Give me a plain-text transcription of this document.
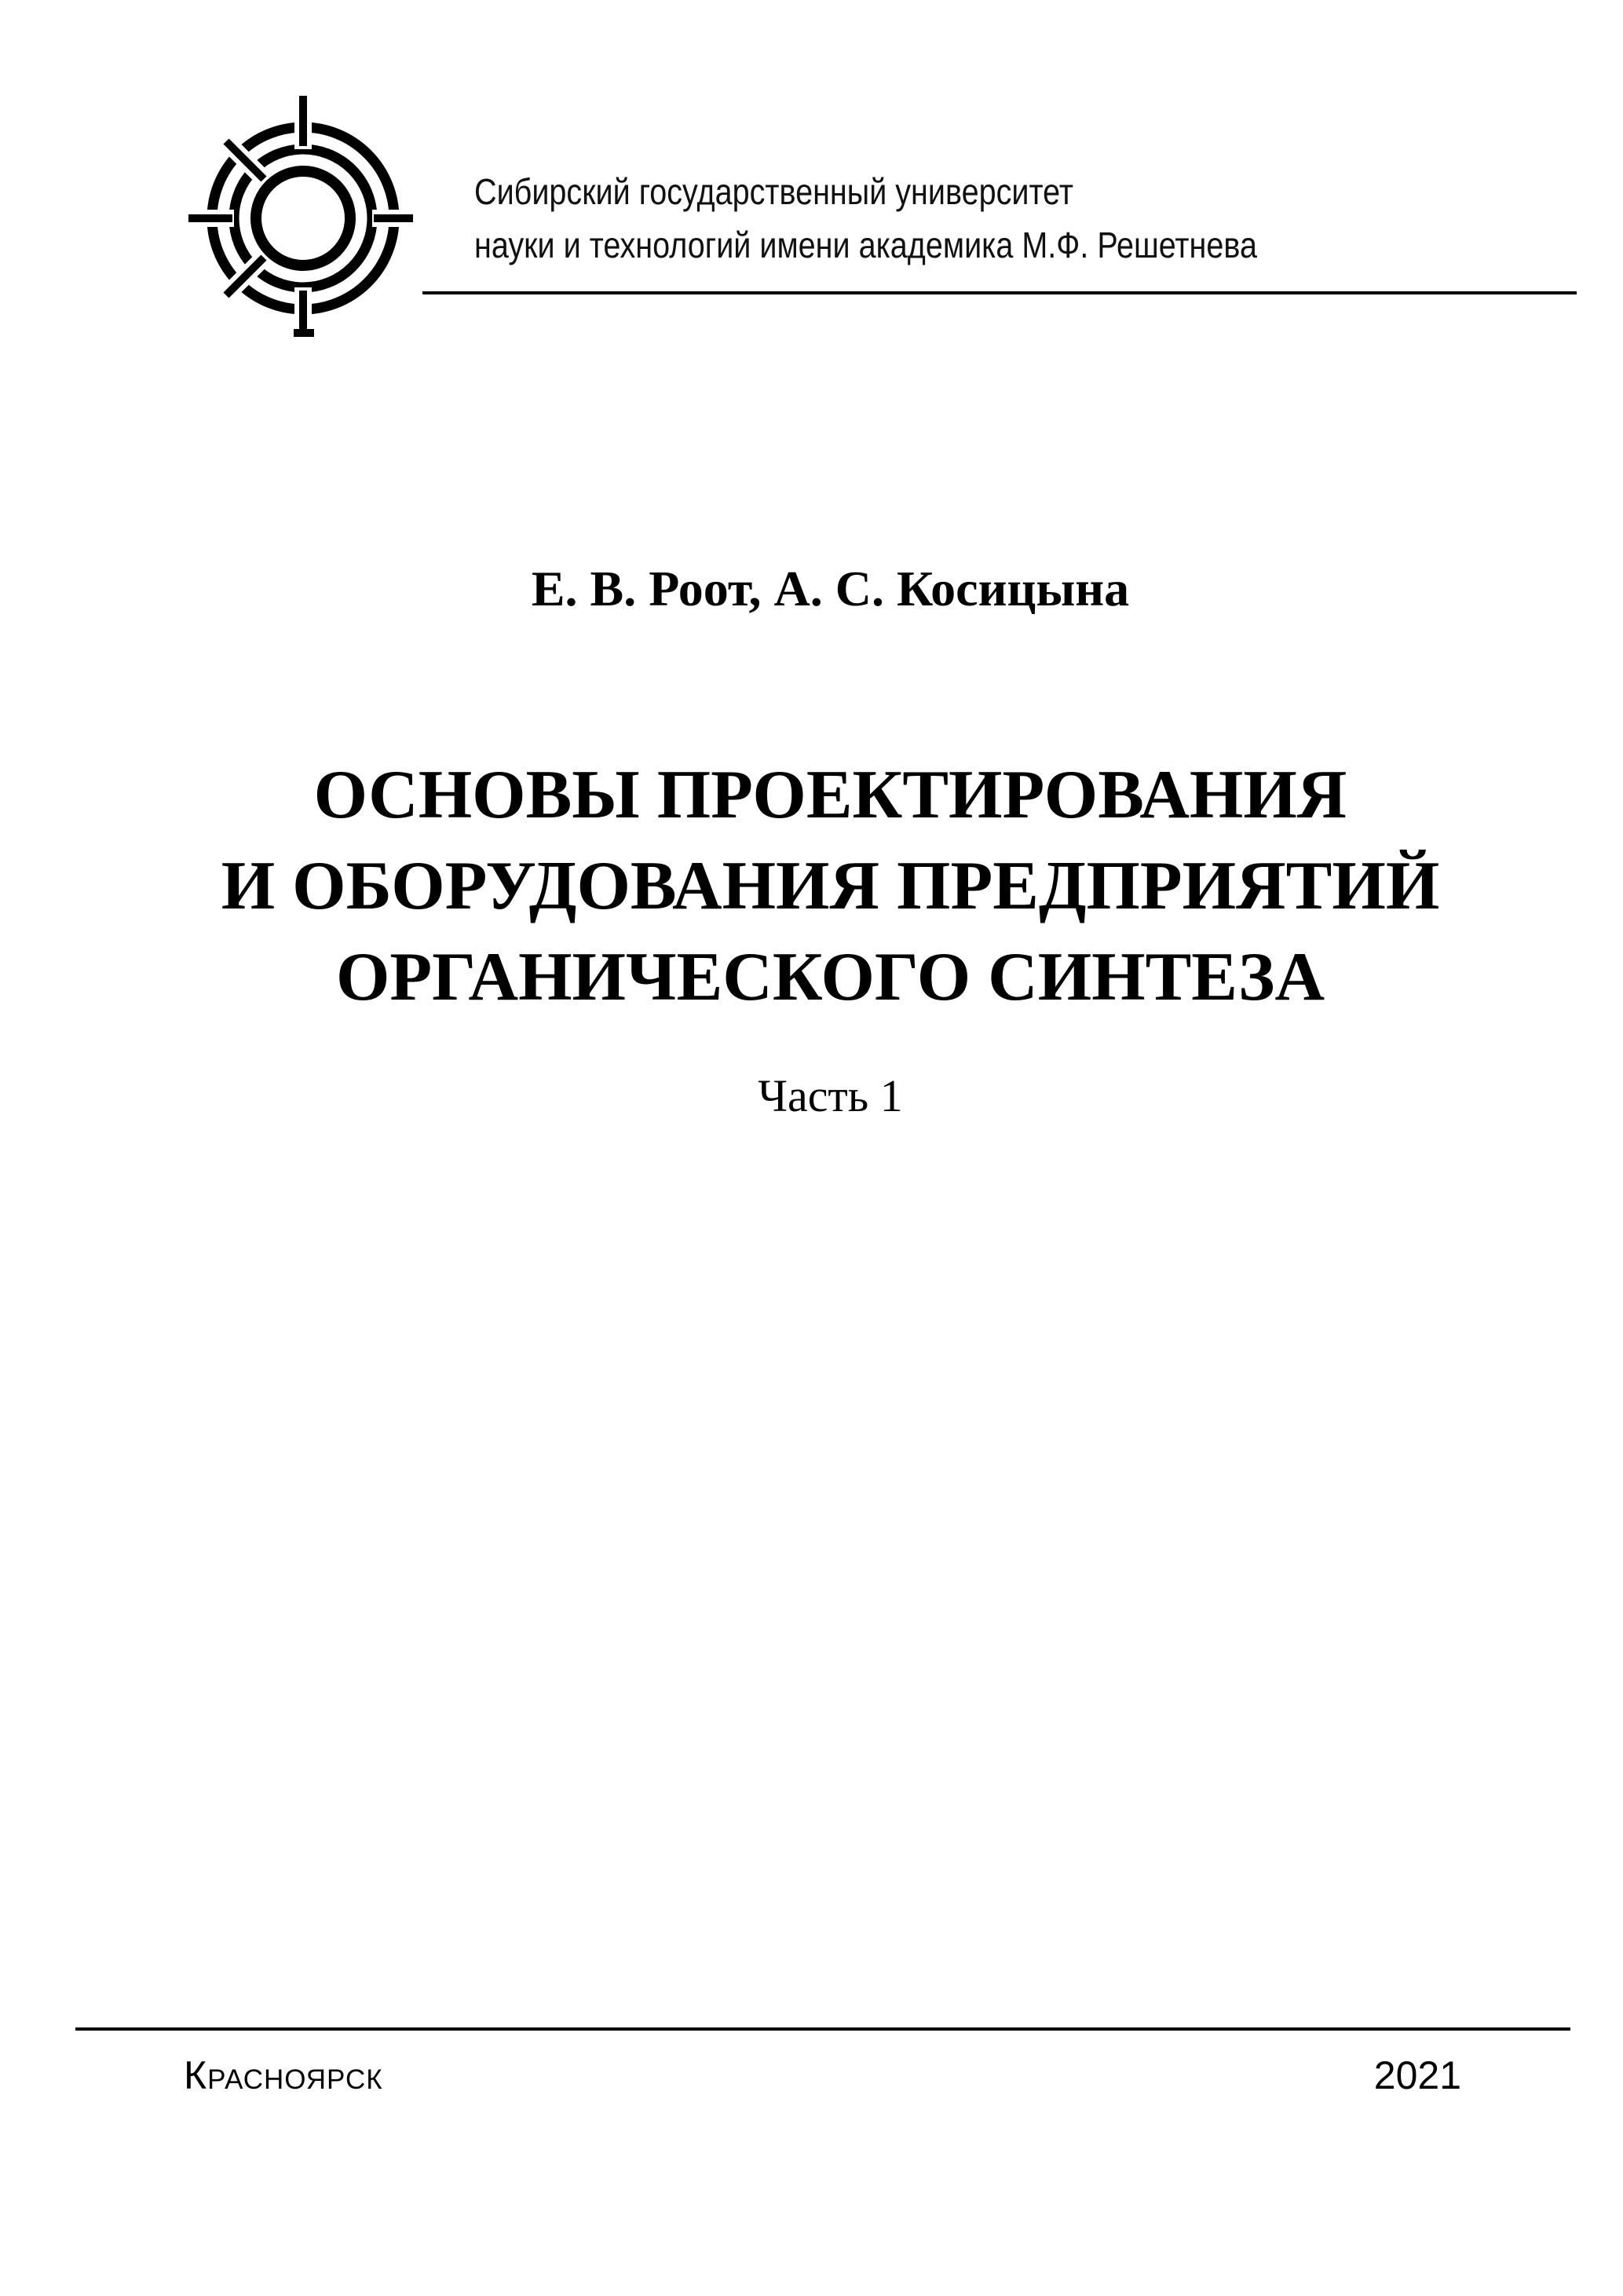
Сибирский государственный университет
науки и технологий имени академика М.Ф. Решетнева
Е. В. Роот, А. С. Косицына
ОСНОВЫ ПРОЕКТИРОВАНИЯ
И ОБОРУДОВАНИЯ ПРЕДПРИЯТИЙ
ОРГАНИЧЕСКОГО СИНТЕЗА
Часть 1
Красноярск	2021
